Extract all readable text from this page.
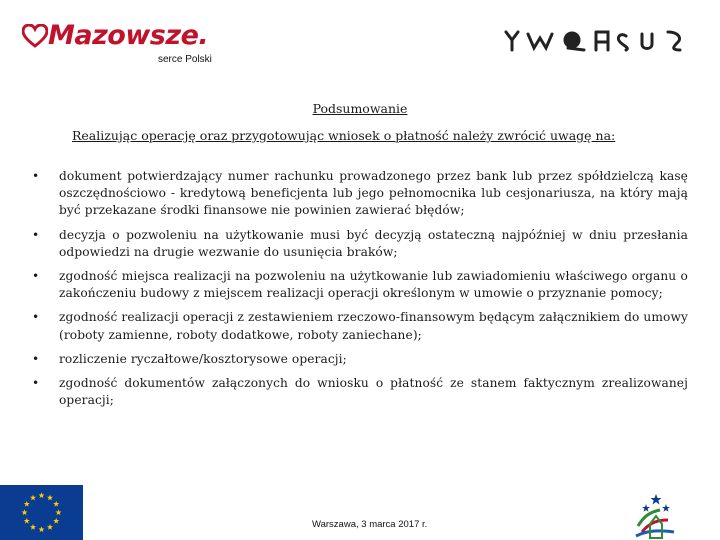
Mazowsze.
serce Polski
Podsumowanie
Realizując operację oraz przygotowując wniosek o płatność należy zwrócić uwagę na:
• dokument potwierdzający numer rachunku prowadzonego przez bank lub przez spółdzielczą kasę oszczędnościowo - kredytową beneficjenta lub jego pełnomocnika lub cesjonariusza, na który mają być przekazane środki finansowe nie powinien zawierać błędów;
• decyzja o pozwoleniu na użytkowanie musi być decyzją ostateczną najpóźniej w dniu przesłania odpowiedzi na drugie wezwanie do usunięcia braków;
• zgodność miejsca realizacji na pozwoleniu na użytkowanie lub zawiadomieniu właściwego organu o zakończeniu budowy z miejscem realizacji operacji określonym w umowie o przyznanie pomocy;
• zgodność realizacji operacji z zestawieniem rzeczowo-finansowym będącym załącznikiem do umowy (roboty zamienne, roboty dodatkowe, roboty zaniechane);
• rozliczenie ryczałtowe/kosztorysowe operacji;
• zgodność dokumentów załączonych do wniosku o płatność ze stanem faktycznym zrealizowanej operacji;
Warszawa, 3 marca 2017 r.
